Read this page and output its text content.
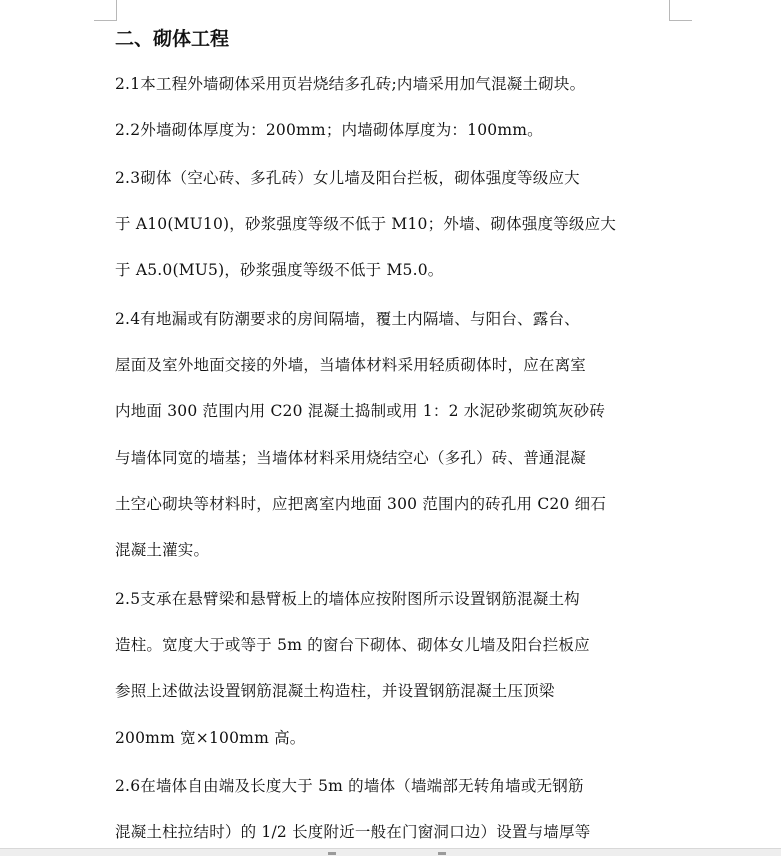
二、砌体工程
2.1本工程外墙砌体采用页岩烧结多孔砖;内墙采用加气混凝土砌块。
2.2外墙砌体厚度为：200mm；内墙砌体厚度为：100mm。
2.3砌体（空心砖、多孔砖）女儿墙及阳台拦板，砌体强度等级应大
于 A10(MU10)，砂浆强度等级不低于 M10；外墙、砌体强度等级应大
于 A5.0(MU5)，砂浆强度等级不低于 M5.0。
2.4有地漏或有防潮要求的房间隔墙，覆土内隔墙、与阳台、露台、
屋面及室外地面交接的外墙，当墙体材料采用轻质砌体时，应在离室
内地面 300 范围内用 C20 混凝土捣制或用 1：2 水泥砂浆砌筑灰砂砖
与墙体同宽的墙基；当墙体材料采用烧结空心（多孔）砖、普通混凝
土空心砌块等材料时，应把离室内地面 300 范围内的砖孔用 C20 细石
混凝土灌实。
2.5支承在悬臂梁和悬臂板上的墙体应按附图所示设置钢筋混凝土构
造柱。宽度大于或等于 5m 的窗台下砌体、砌体女儿墙及阳台拦板应
参照上述做法设置钢筋混凝土构造柱，并设置钢筋混凝土压顶梁
200mm 宽×100mm 高。
2.6在墙体自由端及长度大于 5m 的墙体（墙端部无转角墙或无钢筋
混凝土柱拉结时）的 1/2 长度附近一般在门窗洞口边）设置与墙厚等
